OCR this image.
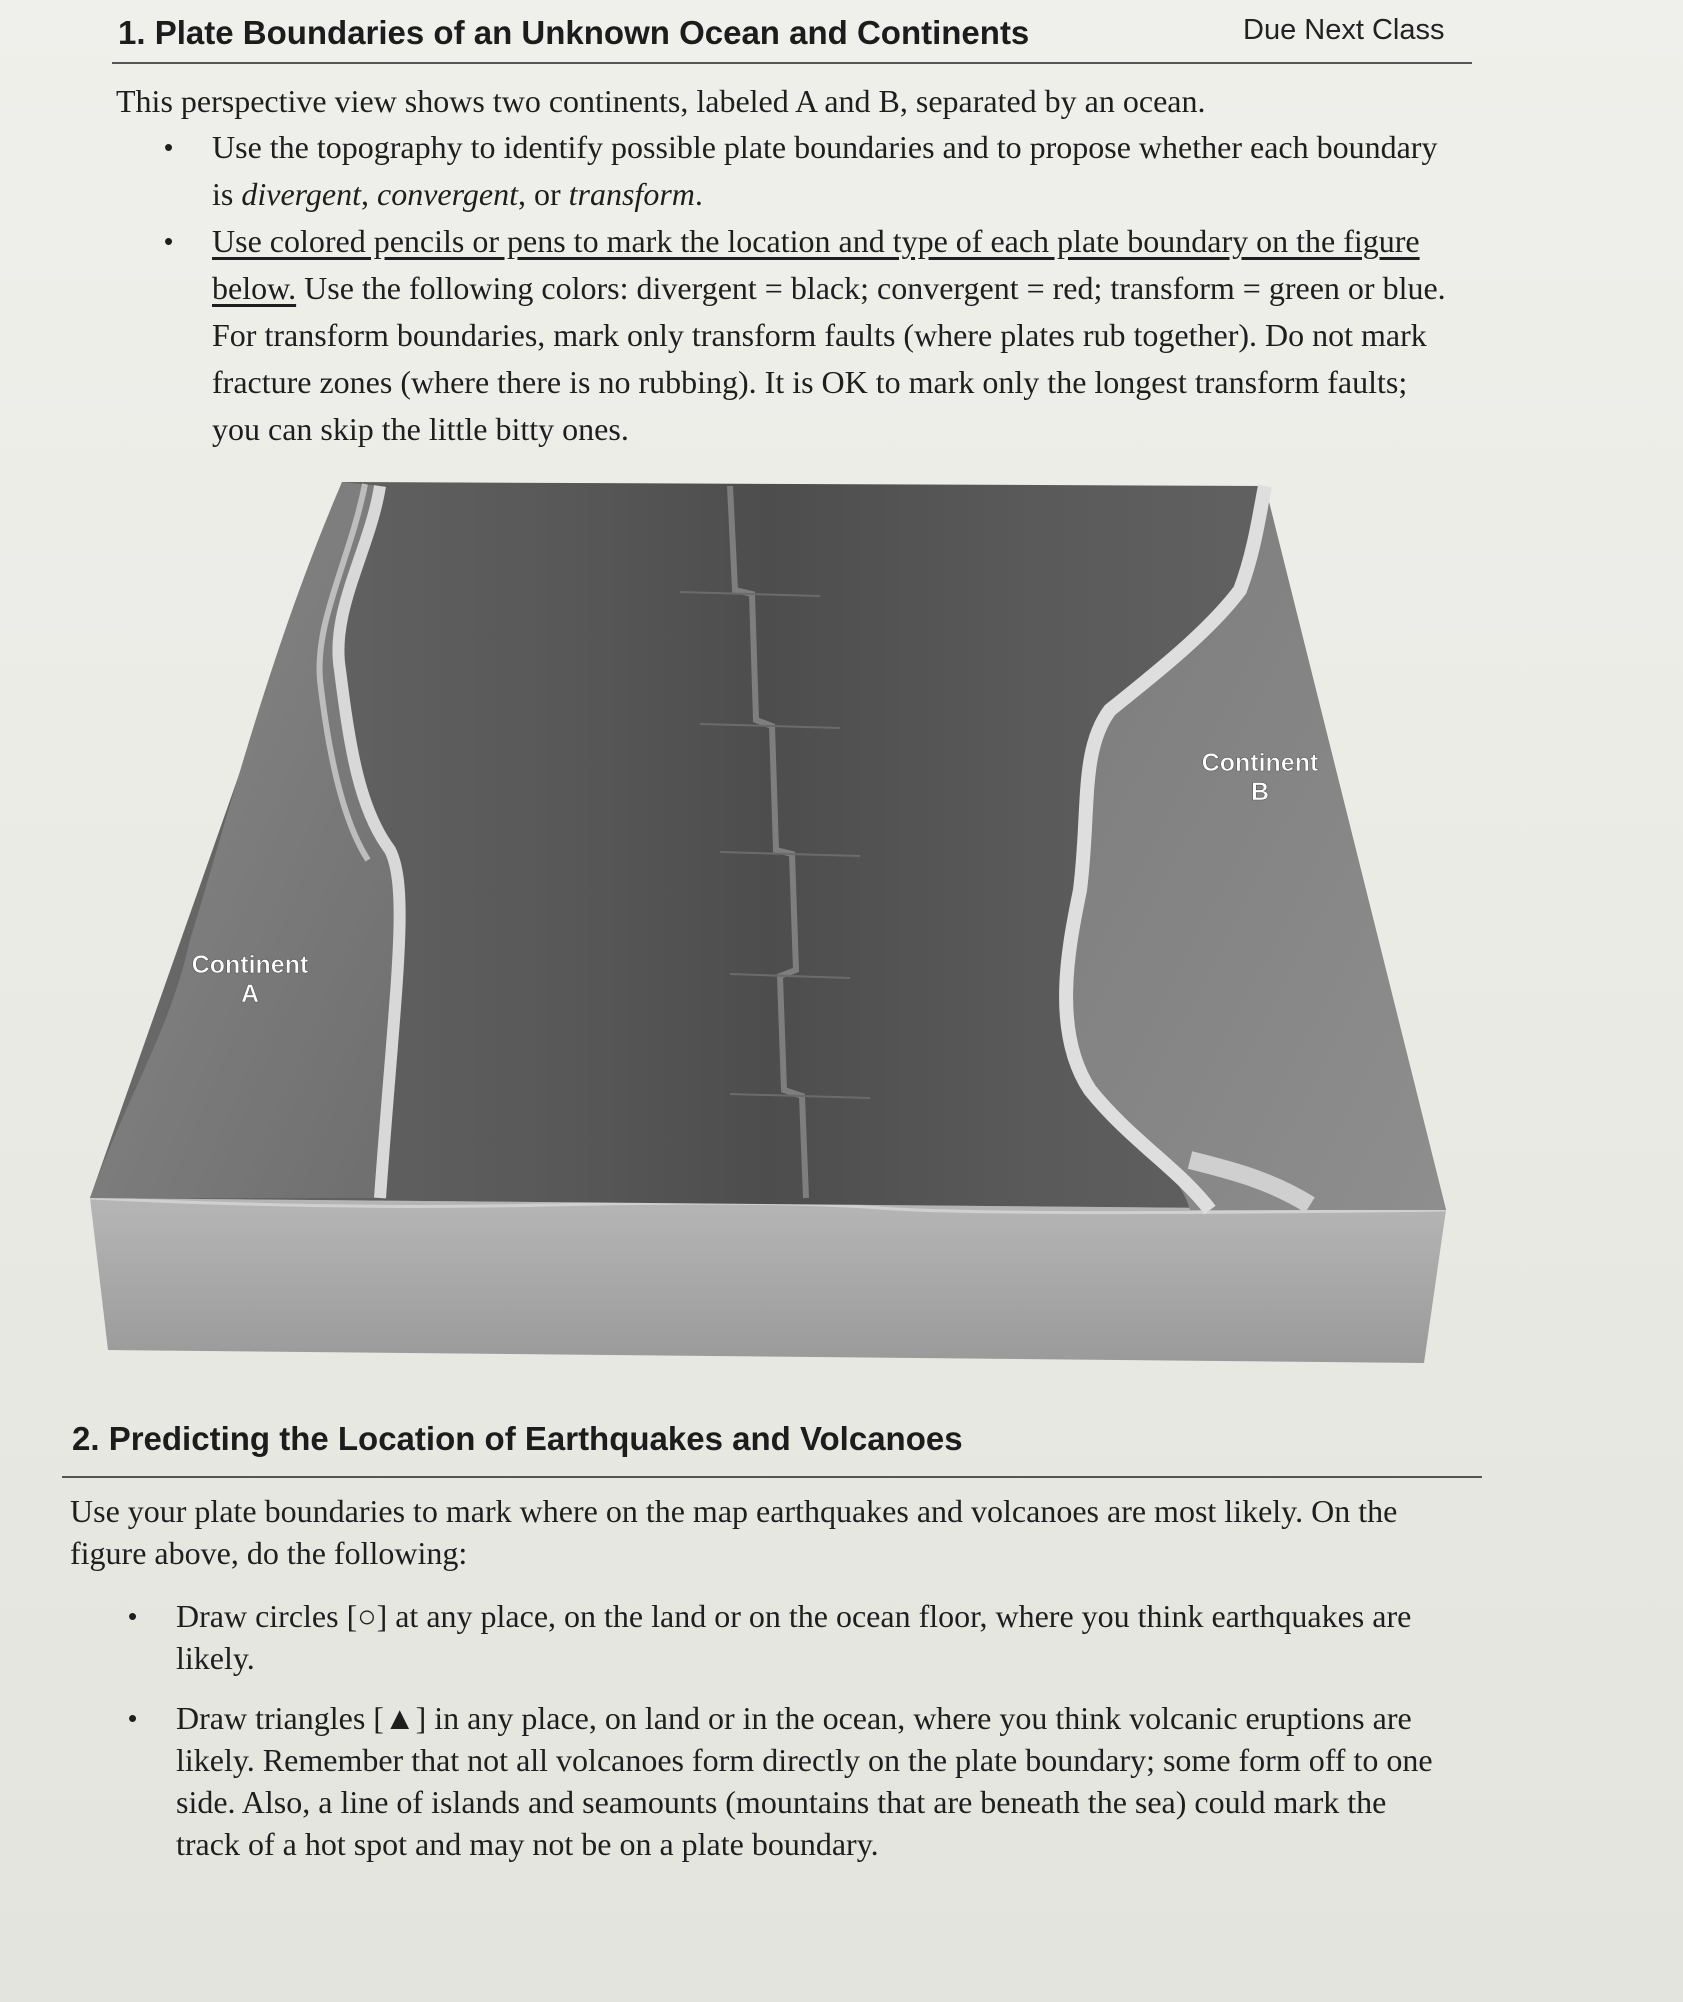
1. Plate Boundaries of an Unknown Ocean and Continents	Due Next Class
This perspective view shows two continents, labeled A and B, separated by an ocean.
• Use the topography to identify possible plate boundaries and to propose whether each boundary is divergent, convergent, or transform.
• Use colored pencils or pens to mark the location and type of each plate boundary on the figure below. Use the following colors: divergent = black; convergent = red; transform = green or blue. For transform boundaries, mark only transform faults (where plates rub together). Do not mark fracture zones (where there is no rubbing). It is OK to mark only the longest transform faults; you can skip the little bitty ones.
Continent
B
Continent
A
2. Predicting the Location of Earthquakes and Volcanoes
Use your plate boundaries to mark where on the map earthquakes and volcanoes are most likely. On the figure above, do the following:
• Draw circles [○] at any place, on the land or on the ocean floor, where you think earthquakes are likely.
• Draw triangles [▲] in any place, on land or in the ocean, where you think volcanic eruptions are likely. Remember that not all volcanoes form directly on the plate boundary; some form off to one side. Also, a line of islands and seamounts (mountains that are beneath the sea) could mark the track of a hot spot and may not be on a plate boundary.
